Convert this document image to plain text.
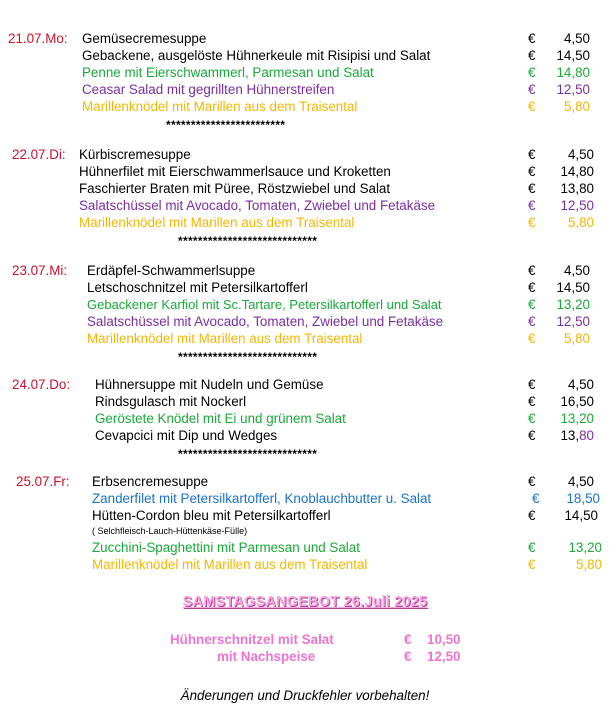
21.07.Mo: Gemüsecremesuppe
Gebackene, ausgelöste Hühnerkeule mit Risipisi und Salat
Penne mit Eierschwammerl, Parmesan und Salat
Ceasar Salad mit gegrillten Hühnerstreifen
Marillenknödel mit Marillen aus dem Traisental
€
€
€
€
€
4,50
14,50
14,80
12,50
5,80
************************
22.07.Di: Kürbiscremesuppe
Hühnerfilet mit Eierschwammerlsauce und Kroketten
Faschierter Braten mit Püree, Röstzwiebel und Salat
Salatschüssel mit Avocado, Tomaten, Zwiebel und Fetakäse
Marillenknödel mit Marillen aus dem Traisental
€
€
€
€
€
4,50
14,80
13,80
12,50
5,80
****************************
23.07.Mi: Erdäpfel-Schwammerlsuppe
Letschoschnitzel mit Petersilkartofferl
Gebackener Karfiol mit Sc.Tartare, Petersilkartofferl und Salat
Salatschüssel mit Avocado, Tomaten, Zwiebel und Fetakäse
Marillenknödel mit Marillen aus dem Traisental
€
€
€
€
€
4,50
14,50
13,20
12,50
5,80
****************************
24.07.Do: Hühnersuppe mit Nudeln und Gemüse
Rindsgulasch mit Nockerl
Geröstete Knödel mit Ei und grünem Salat
Cevapcici mit Dip und Wedges
€
€
€
€
4,50
16,50
13,20
13,80
****************************
25.07.Fr: Erbsencremesuppe
Zanderfilet mit Petersilkartofferl, Knoblauchbutter u. Salat
Hütten-Cordon bleu mit Petersilkartofferl
( Selchfleisch-Lauch-Hüttenkäse-Fülle)
Zucchini-Spaghettini mit Parmesan und Salat
Marillenknödel mit Marillen aus dem Traisental
€
€
€
€
€
4,50
18,50
14,50
13,20
5,80
SAMSTAGSANGEBOT 26.Juli 2025
Hühnerschnitzel mit Salat	€ 10,50
mit Nachspeise	€ 12,50
Änderungen und Druckfehler vorbehalten!
